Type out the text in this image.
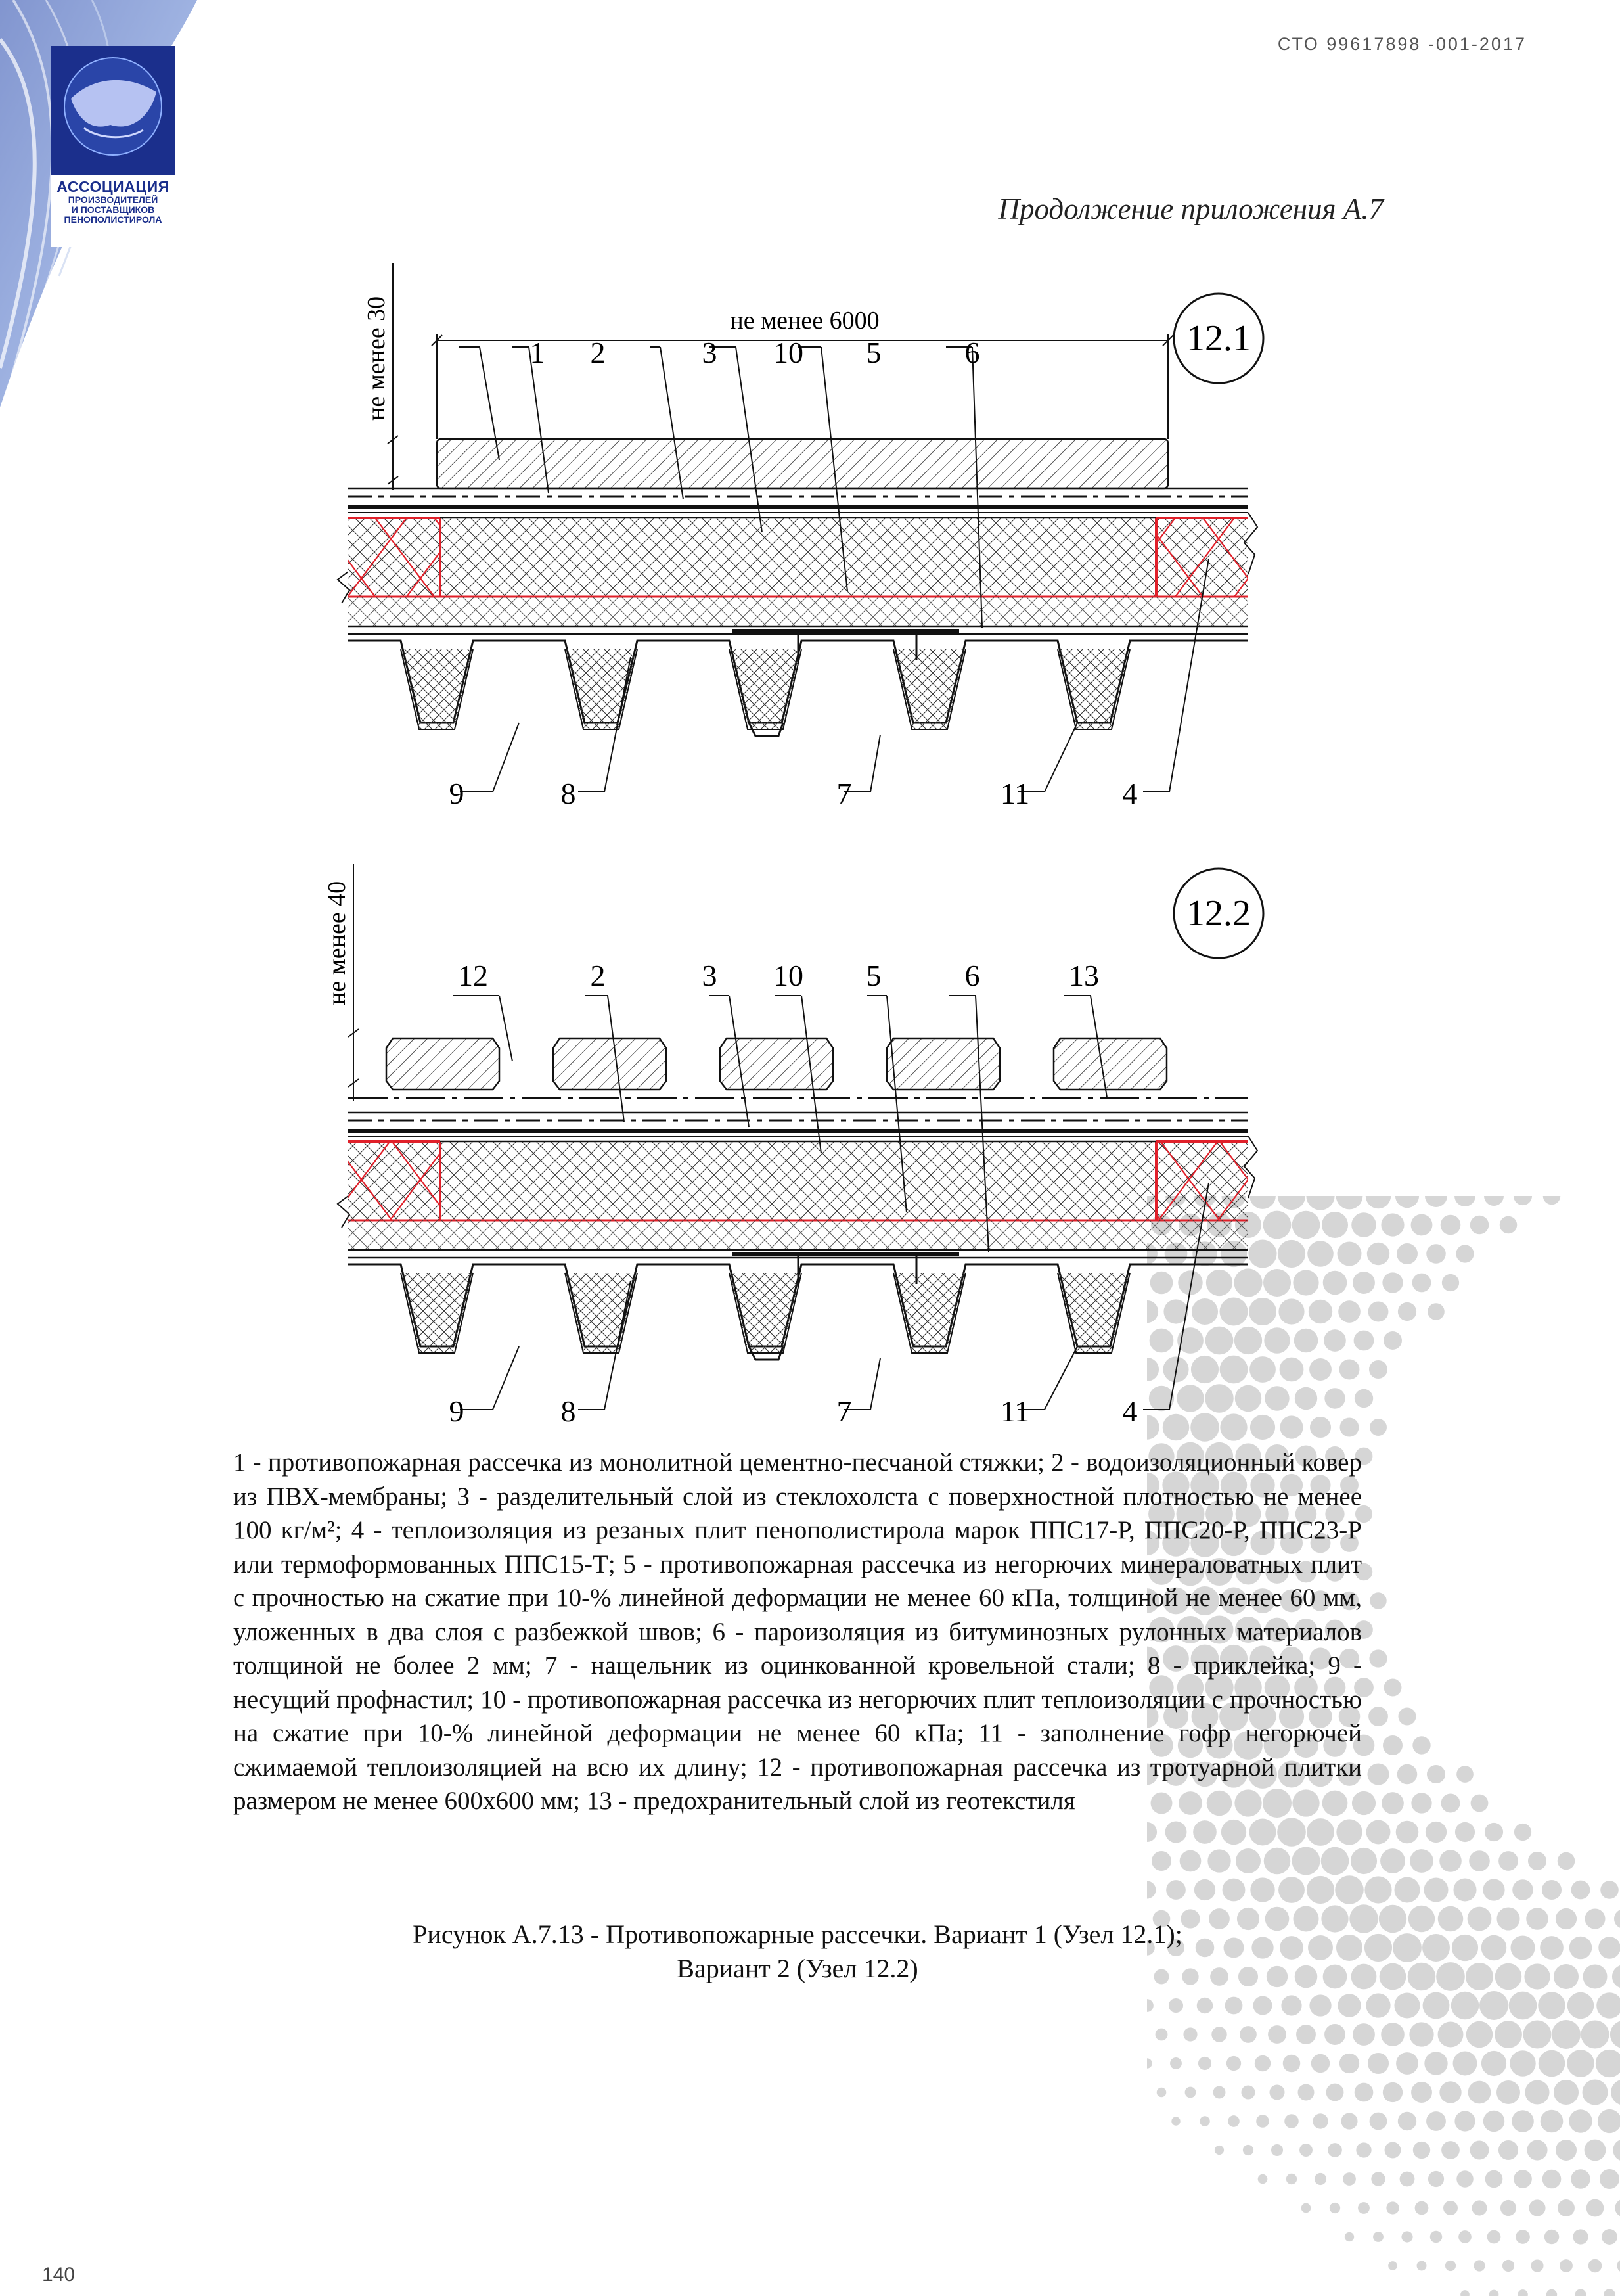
АССОЦИАЦИЯ
ПРОИЗВОДИТЕЛЕЙ
И ПОСТАВЩИКОВ
ПЕНОПОЛИСТИРОЛА
СТО 99617898 -001-2017
Продолжение приложения А.7
не менее 30	не менее 6000	12.1
1 2	3 10 5	6
9	8	7	11	4
не менее 40	12.2
12	2	3 10 5	6	13
9	8	7	11	4
1 - противопожарная рассечка из монолитной цементно-песчаной стяжки; 2 - водоизоляционный ковер из ПВХ-мембраны; 3 - разделительный слой из стеклохолста с поверхностной плотностью не менее 100 кг/м²; 4 - теплоизоляция из резаных плит пенополистирола марок ППС17-Р, ППС20-Р, ППС23-Р или термоформованных ППС15-Т; 5 - противопожарная рассечка из негорючих минераловатных плит с прочностью на сжатие при 10-% линейной деформации не менее 60 кПа, толщиной не менее 60 мм, уложенных в два слоя с разбежкой швов; 6 - пароизоляция из битуминозных рулонных материалов толщиной не более 2 мм; 7 - нащельник из оцинкованной кровельной стали; 8 - приклейка; 9 - несущий профнастил; 10 - противопожарная рассечка из негорючих плит теплоизоляции с прочностью на сжатие при 10-% линейной деформации не менее 60 кПа; 11 - заполнение гофр негорючей сжимаемой теплоизоляцией на всю их длину; 12 - противопожарная рассечка из тротуарной плитки размером не менее 600х600 мм; 13 - предохранительный слой из геотекстиля
Рисунок А.7.13 - Противопожарные рассечки. Вариант 1 (Узел 12.1);
Вариант 2 (Узел 12.2)
140
